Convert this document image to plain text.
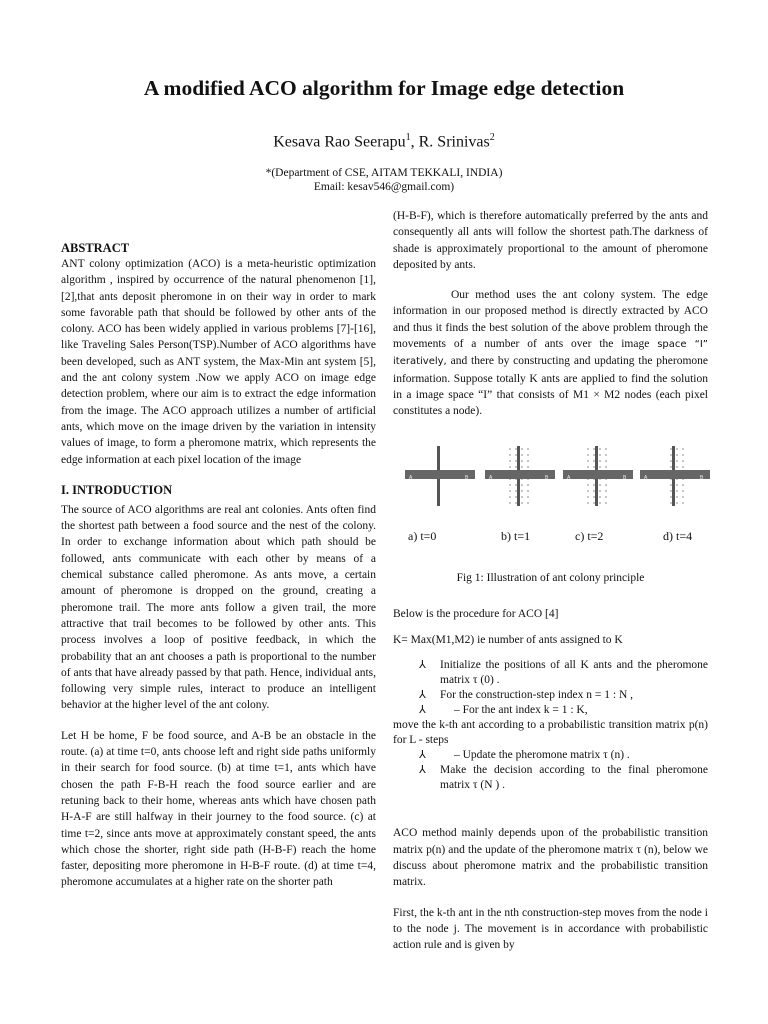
A modified ACO algorithm for Image edge detection
Kesava Rao Seerapu$^1$, R. Srinivas$^2$
*(Department of CSE, AITAM TEKKALI, INDIA)
Email: kesav546@gmail.com)
ABSTRACT

ANT colony optimization (ACO) is a meta-heuristic optimization algorithm , inspired by occurrence of the natural phenomenon [1],[2],that ants deposit pheromone in on their way in order to mark some favorable path that should be followed by other ants of the colony. ACO has been widely applied in various problems [7]-[16], like Traveling Sales Person(TSP).Number of ACO algorithms have been developed, such as ANT system, the Max-Min ant system [5], and the ant colony system .Now we apply ACO on image edge detection problem, where our aim is to extract the edge information from the image. The ACO approach utilizes a number of artificial ants, which move on the image driven by the variation in intensity values of image, to form a pheromone matrix, which represents the edge information at each pixel location of the image

I. INTRODUCTION

The source of ACO algorithms are real ant colonies. Ants often find the shortest path between a food source and the nest of the colony. In order to exchange information about which path should be followed, ants communicate with each other by means of a chemical substance called pheromone. As ants move, a certain amount of pheromone is dropped on the ground, creating a pheromone trail. The more ants follow a given trail, the more attractive that trail becomes to be followed by other ants. This process involves a loop of positive feedback, in which the probability that an ant chooses a path is proportional to the number of ants that have already passed by that path. Hence, individual ants, following very simple rules, interact to produce an intelligent behavior at the higher level of the ant colony.

Let H be home, F be food source, and A-B be an obstacle in the route. (a) at time t=0, ants choose left and right side paths uniformly in their search for food source. (b) at time t=1, ants which have chosen the path F-B-H reach the food source earlier and are retuning back to their home, whereas ants which have chosen path H-A-F are still halfway in their journey to the food source. (c) at time t=2, since ants move at approximately constant speed, the ants which chose the shorter, right side path (H-B-F) reach the home faster, depositing more pheromone in H-B-F route. (d) at time t=4, pheromone accumulates at a higher rate on the shorter path

(H-B-F), which is therefore automatically preferred by the ants and consequently all ants will follow the shortest path.The darkness of shade is approximately proportional to the amount of pheromone deposited by ants.

Our method uses the ant colony system. The edge information in our proposed method is directly extracted by ACO and thus it finds the best solution of the above problem through the movements of a number of ants over the image space “I” iteratively, and there by constructing and updating the pheromone information. Suppose totally K ants are applied to find the solution in a image space “I” that consists of M1 × M2 nodes (each pixel constitutes a node).

A	B	A	B	A	B	A	B
a) t=0	b) t=1	c) t=2	d) t=4
Fig 1: Illustration of ant colony principle

Below is the procedure for ACO [4]

K= Max(M1,M2) ie number of ants assigned to K

⅄ Initialize the positions of all K ants and the pheromone matrix τ (0) .
⅄ For the construction-step index n = 1 : N ,
⅄ – For the ant index k = 1 : K,

move the k-th ant according to a probabilistic transition matrix p(n) for L - steps

⅄ – Update the pheromone matrix τ (n) .
⅄ Make the decision according to the final pheromone matrix τ (N ) .

ACO method mainly depends upon of the probabilistic transition matrix p(n) and the update of the pheromone matrix τ (n), below we discuss about pheromone matrix and the probabilistic transition matrix.

First, the k-th ant in the nth construction-step moves from the node i to the node j. The movement is in accordance with probabilistic action rule and is given by
